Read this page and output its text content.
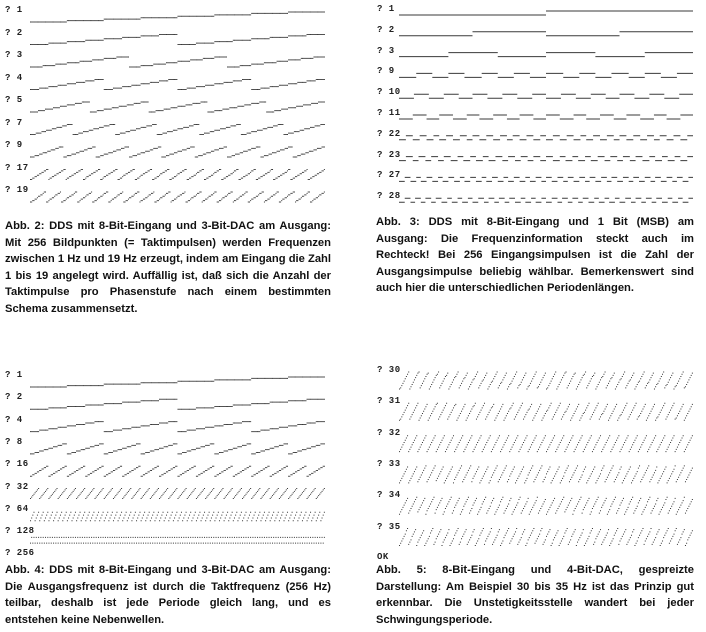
? 1
? 2
? 3
? 4
? 5
? 7
? 9
? 17
? 19
Abb. 2: DDS mit 8-Bit-Eingang und 3-Bit-DAC am Ausgang: Mit 256 Bildpunkten (= Taktimpulsen) werden Frequenzen zwischen 1 Hz und 19 Hz erzeugt, indem am Eingang die Zahl 1 bis 19 angelegt wird. Auffällig ist, daß sich die Anzahl der Taktimpulse pro Phasenstufe nach einem bestimmten Schema zusammensetzt.
? 1
? 2
? 3
? 9
? 10
? 11
? 22
? 23
? 27
? 28
Abb. 3: DDS mit 8-Bit-Eingang und 1 Bit (MSB) am Ausgang: Die Frequenzinformation steckt auch im Rechteck! Bei 256 Eingangsimpulsen ist die Zahl der Ausgangsimpulse beliebig wählbar. Bemerkenswert sind auch hier die unterschiedlichen Periodenlängen.
? 1
? 2
? 4
? 8
? 16
? 32
? 64
? 128
? 256
Abb. 4: DDS mit 8-Bit-Eingang und 3-Bit-DAC am Ausgang: Die Ausgangsfrequenz ist durch die Taktfrequenz (256 Hz) teilbar, deshalb ist jede Periode gleich lang, und es entstehen keine Nebenwellen.
? 30
? 31
? 32
? 33
? 34
? 35
OK
Abb. 5: 8-Bit-Eingang und 4-Bit-DAC, gespreizte Darstellung: Am Beispiel 30 bis 35 Hz ist das Prinzip gut erkennbar. Die Unstetigkeitsstelle wandert bei jeder Schwingungsperiode.
